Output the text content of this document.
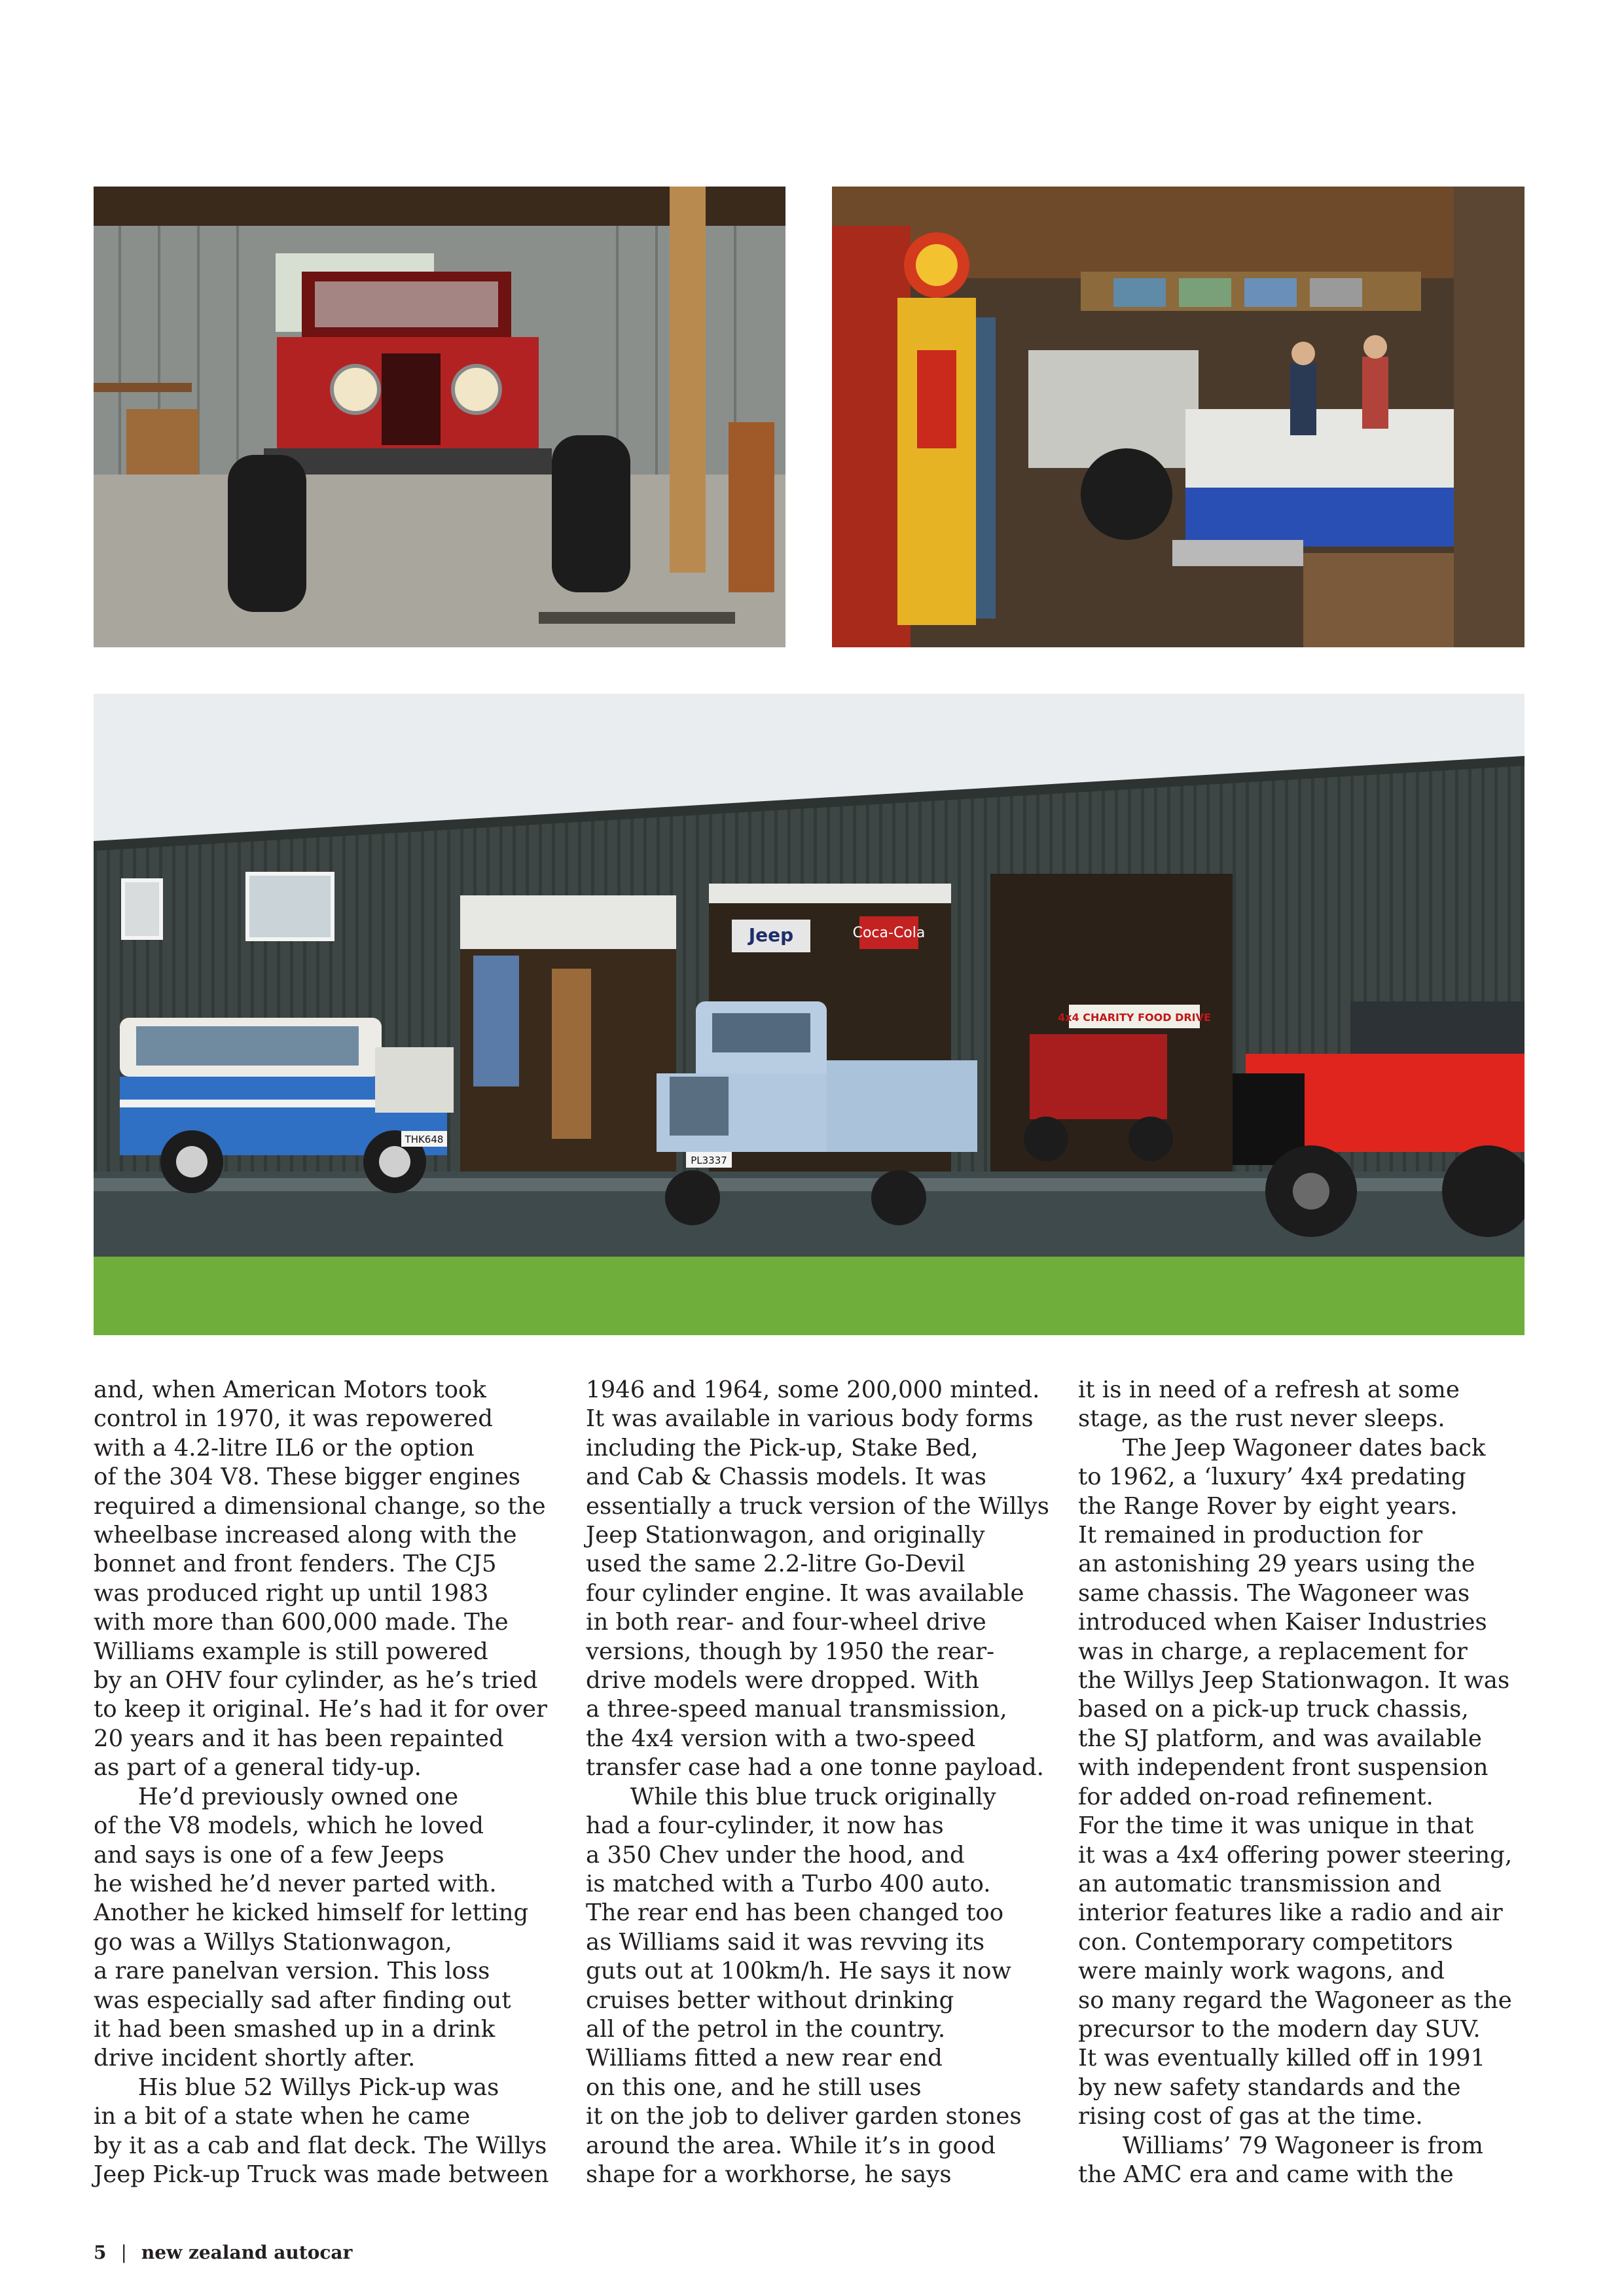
Coca-Cola
Jeep
4x4 CHARITY FOOD DRIVE
THK648
PL3337

and, when American Motors took

control in 1970, it was repowered

with a 4.2-litre IL6 or the option

of the 304 V8. These bigger engines

required a dimensional change, so the

wheelbase increased along with the

bonnet and front fenders. The CJ5

was produced right up until 1983

with more than 600,000 made. The

Williams example is still powered

by an OHV four cylinder, as he’s tried

to keep it original. He’s had it for over

20 years and it has been repainted

as part of a general tidy-up.

He’d previously owned one

of the V8 models, which he loved

and says is one of a few Jeeps

he wished he’d never parted with.

Another he kicked himself for letting

go was a Willys Stationwagon,

a rare panelvan version. This loss

was especially sad after finding out

it had been smashed up in a drink

drive incident shortly after.

His blue 52 Willys Pick-up was

in a bit of a state when he came

by it as a cab and flat deck. The Willys

Jeep Pick-up Truck was made between

1946 and 1964, some 200,000 minted.

It was available in various body forms

including the Pick-up, Stake Bed,

and Cab & Chassis models. It was

essentially a truck version of the Willys

Jeep Stationwagon, and originally

used the same 2.2-litre Go-Devil

four cylinder engine. It was available

in both rear- and four-wheel drive

versions, though by 1950 the rear-

drive models were dropped. With

a three-speed manual transmission,

the 4x4 version with a two-speed

transfer case had a one tonne payload.

While this blue truck originally

had a four-cylinder, it now has

a 350 Chev under the hood, and

is matched with a Turbo 400 auto.

The rear end has been changed too

as Williams said it was revving its

guts out at 100km/h. He says it now

cruises better without drinking

all of the petrol in the country.

Williams fitted a new rear end

on this one, and he still uses

it on the job to deliver garden stones

around the area. While it’s in good

shape for a workhorse, he says

it is in need of a refresh at some

stage, as the rust never sleeps.

The Jeep Wagoneer dates back

to 1962, a ‘luxury’ 4x4 predating

the Range Rover by eight years.

It remained in production for

an astonishing 29 years using the

same chassis. The Wagoneer was

introduced when Kaiser Industries

was in charge, a replacement for

the Willys Jeep Stationwagon. It was

based on a pick-up truck chassis,

the SJ platform, and was available

with independent front suspension

for added on-road refinement.

For the time it was unique in that

it was a 4x4 offering power steering,

an automatic transmission and

interior features like a radio and air

con. Contemporary competitors

were mainly work wagons, and

so many regard the Wagoneer as the

precursor to the modern day SUV.

It was eventually killed off in 1991

by new safety standards and the

rising cost of gas at the time.

Williams’ 79 Wagoneer is from

the AMC era and came with the

5 | new zealand autocar
